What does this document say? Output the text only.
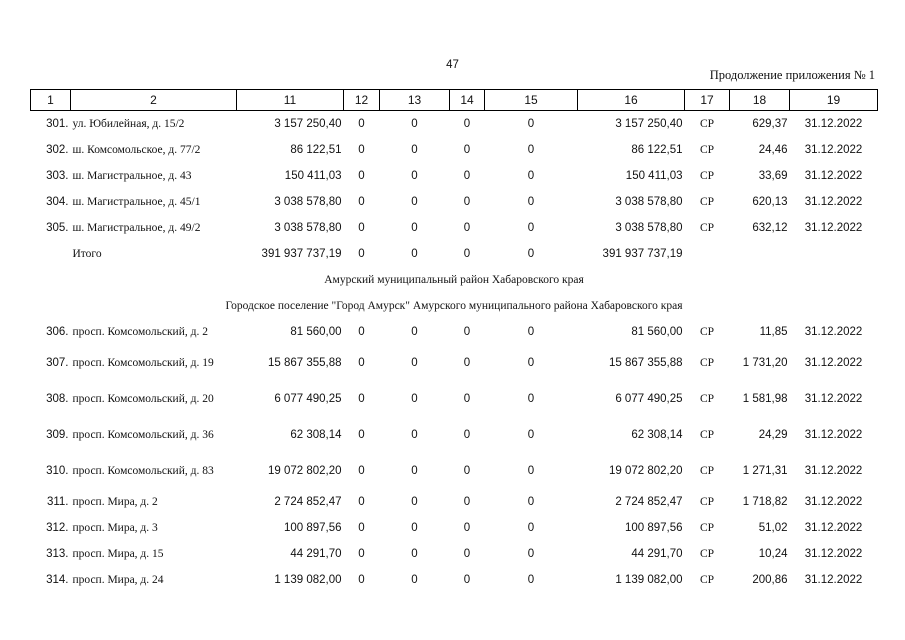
47
Продолжение приложения № 1
1	2	11	12	13	14	15	16	17	18	19
301.	ул. Юбилейная, д. 15/2	3 157 250,40	0	0	0	0	3 157 250,40	СР	629,37	31.12.2022
302.	ш. Комсомольское, д. 77/2	86 122,51	0	0	0	0	86 122,51	СР	24,46	31.12.2022
303.	ш. Магистральное, д. 43	150 411,03	0	0	0	0	150 411,03	СР	33,69	31.12.2022
304.	ш. Магистральное, д. 45/1	3 038 578,80	0	0	0	0	3 038 578,80	СР	620,13	31.12.2022
305.	ш. Магистральное, д. 49/2	3 038 578,80	0	0	0	0	3 038 578,80	СР	632,12	31.12.2022
	Итого	391 937 737,19	0	0	0	0	391 937 737,19			
Амурский муниципальный район Хабаровского края										
Городское поселение "Город Амурск" Амурского муниципального района Хабаровского края										
306.	просп. Комсомольский, д. 2	81 560,00	0	0	0	0	81 560,00	СР	11,85	31.12.2022
307.	просп. Комсомольский, д. 19	15 867 355,88	0	0	0	0	15 867 355,88	СР	1 731,20	31.12.2022
308.	просп. Комсомольский, д. 20	6 077 490,25	0	0	0	0	6 077 490,25	СР	1 581,98	31.12.2022
309.	просп. Комсомольский, д. 36	62 308,14	0	0	0	0	62 308,14	СР	24,29	31.12.2022
310.	просп. Комсомольский, д. 83	19 072 802,20	0	0	0	0	19 072 802,20	СР	1 271,31	31.12.2022
311.	просп. Мира, д. 2	2 724 852,47	0	0	0	0	2 724 852,47	СР	1 718,82	31.12.2022
312.	просп. Мира, д. 3	100 897,56	0	0	0	0	100 897,56	СР	51,02	31.12.2022
313.	просп. Мира, д. 15	44 291,70	0	0	0	0	44 291,70	СР	10,24	31.12.2022
314.	просп. Мира, д. 24	1 139 082,00	0	0	0	0	1 139 082,00	СР	200,86	31.12.2022
